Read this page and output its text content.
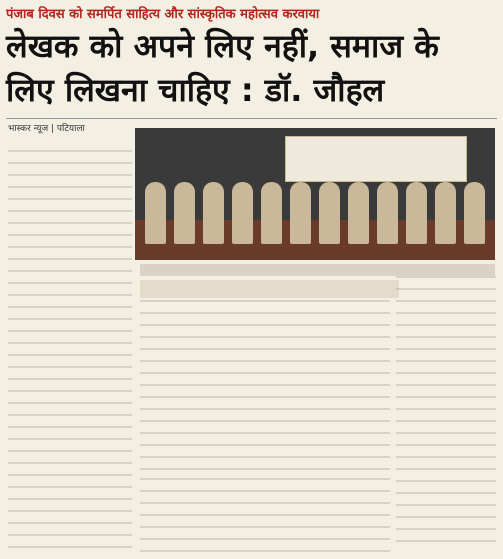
पंजाब दिवस को समर्पित साहित्य और सांस्कृतिक महोत्सव करवाया
लेखक को अपने लिए नहीं, समाज के लिए लिखना चाहिए : डॉ. जौहल
भास्कर न्यूज | पटियाला
